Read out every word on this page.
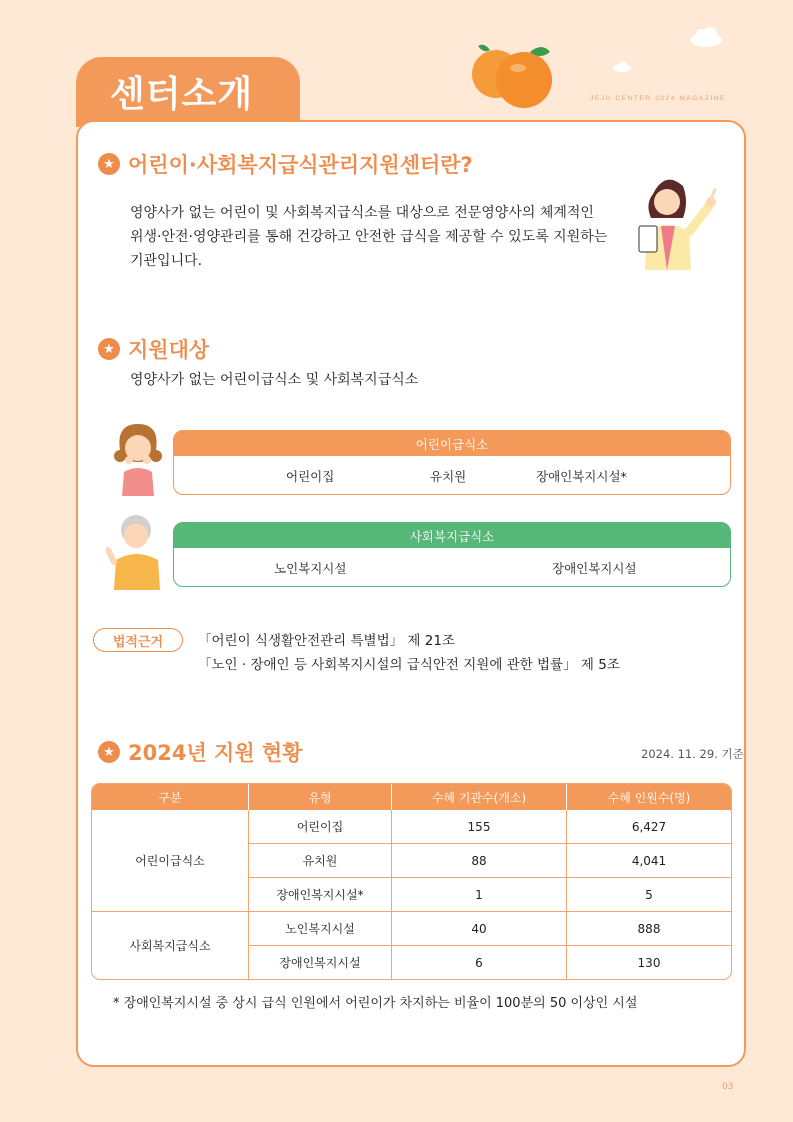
센터소개	JEJU CENTER 2024 MAGAZINE
★ 어린이·사회복지급식관리지원센터란?
영양사가 없는 어린이 및 사회복지급식소를 대상으로 전문영양사의 체계적인
위생·안전·영양관리를 통해 건강하고 안전한 급식을 제공할 수 있도록 지원하는
기관입니다.
★ 지원대상
영양사가 없는 어린이급식소 및 사회복지급식소
어린이급식소
어린이집	유치원	장애인복지시설*
사회복지급식소
노인복지시설	장애인복지시설
법적근거	「어린이 식생활안전관리 특별법」 제 21조
「노인 · 장애인 등 사회복지시설의 급식안전 지원에 관한 법률」 제 5조
★ 2024년 지원 현황	2024. 11. 29. 기준
구분	유형	수혜 기관수(개소)	수혜 인원수(명)
어린이급식소	어린이집	155	6,427
	유치원	88	4,041
	장애인복지시설*	1	5
사회복지급식소	노인복지시설	40	888
	장애인복지시설	6	130
* 장애인복지시설 중 상시 급식 인원에서 어린이가 차지하는 비율이 100분의 50 이상인 시설
03
